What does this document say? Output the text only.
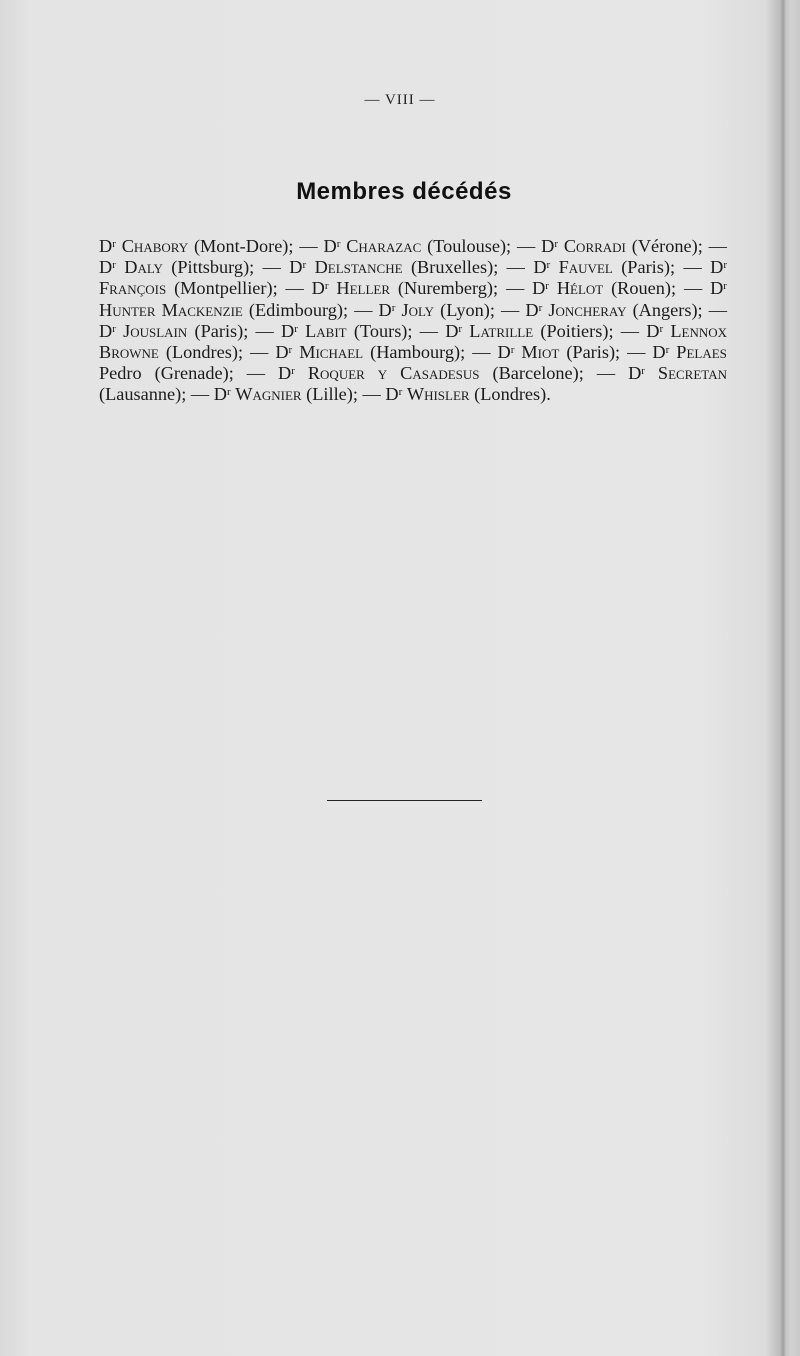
— VIII —
Membres décédés

$D^r$ Chabory (Mont-Dore); — $D^r$ Charazac (Toulouse); — $D^r$ Corradi (Vérone); — $D^r$ Daly (Pittsburg); — $D^r$ Delstanche (Bruxelles); — $D^r$ Fauvel (Paris); — $D^r$ François (Montpellier); — $D^r$ Heller (Nuremberg); — $D^r$ Hélot (Rouen); — $D^r$ Hunter Mackenzie (Edimbourg); — $D^r$ Joly (Lyon); — $D^r$ Joncheray (Angers); — $D^r$ Jouslain (Paris); — $D^r$ Labit (Tours); — $D^r$ Latrille (Poitiers); — $D^r$ Lennox Browne (Londres); — $D^r$ Michael (Hambourg); — $D^r$ Miot (Paris); — $D^r$ Pelaes Pedro (Grenade); — $D^r$ Roquer y Casadesus (Barcelone); — $D^r$ Secretan (Lausanne); — $D^r$ Wagnier (Lille); — $D^r$ Whisler (Londres).
